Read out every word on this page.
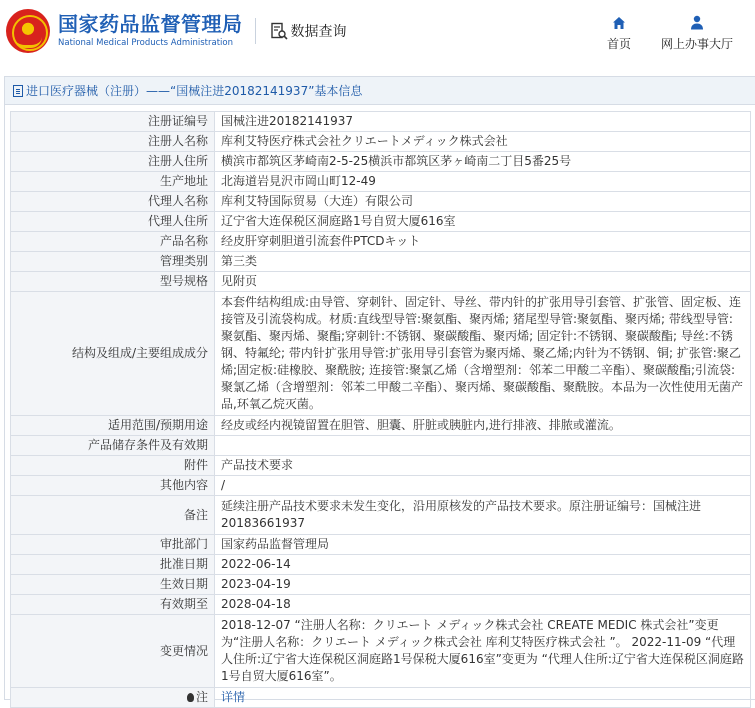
国家药品监督管理局
National Medical Products Administration
数据查询
首页	网上办事大厅
进口医疗器械（注册）——“国械注进20182141937”基本信息
注册证编号	国械注进20182141937
注册人名称	库利艾特医疗株式会社クリエートメディック株式会社
注册人住所	横滨市都筑区茅崎南2-5-25横浜市都筑区茅ヶ崎南二丁目5番25号
生产地址	北海道岩見沢市岡山町12-49
代理人名称	库利艾特国际贸易（大连）有限公司
代理人住所	辽宁省大连保税区洞庭路1号自贸大厦616室
产品名称	经皮肝穿刺胆道引流套件PTCDキット
管理类别	第三类
型号规格	见附页
结构及组成/主要组成成分	本套件结构组成:由导管、穿刺针、固定针、导丝、带内针的扩张用导引套管、扩张管、固定板、连接管及引流袋构成。材质:直线型导管:聚氨酯、聚丙烯; 猪尾型导管:聚氨酯、聚丙烯; 带线型导管:聚氨酯、聚丙烯、聚酯;穿刺针:不锈钢、聚碳酸酯、聚丙烯; 固定针:不锈钢、聚碳酸酯; 导丝:不锈钢、特氟纶; 带内针扩张用导管:扩张用导引套管为聚丙烯、聚乙烯;内针为不锈钢、铜; 扩张管:聚乙烯;固定板:硅橡胶、聚酰胺; 连接管:聚氯乙烯（含增塑剂：邻苯二甲酸二辛酯）、聚碳酸酯;引流袋:聚氯乙烯（含增塑剂：邻苯二甲酸二辛酯）、聚丙烯、聚碳酸酯、聚酰胺。本品为一次性使用无菌产品,环氧乙烷灭菌。
适用范围/预期用途	经皮或经内视镜留置在胆管、胆囊、肝脏或胰脏内,进行排液、排脓或灌流。
产品储存条件及有效期	
附件	产品技术要求
其他内容	/
备注	延续注册产品技术要求未发生变化，沿用原核发的产品技术要求。原注册证编号：国械注进20183661937
审批部门	国家药品监督管理局
批准日期	2022-06-14
生效日期	2023-04-19
有效期至	2028-04-18
变更情况	2018-12-07 “注册人名称：クリエート メディック株式会社 CREATE MEDIC 株式会社”变更为“注册人名称：クリエート メディック株式会社 库利艾特医疗株式会社 ”。 2022-11-09 “代理人住所:辽宁省大连保税区洞庭路1号保税大厦616室”变更为 “代理人住所:辽宁省大连保税区洞庭路1号自贸大厦616室”。
注	详情
